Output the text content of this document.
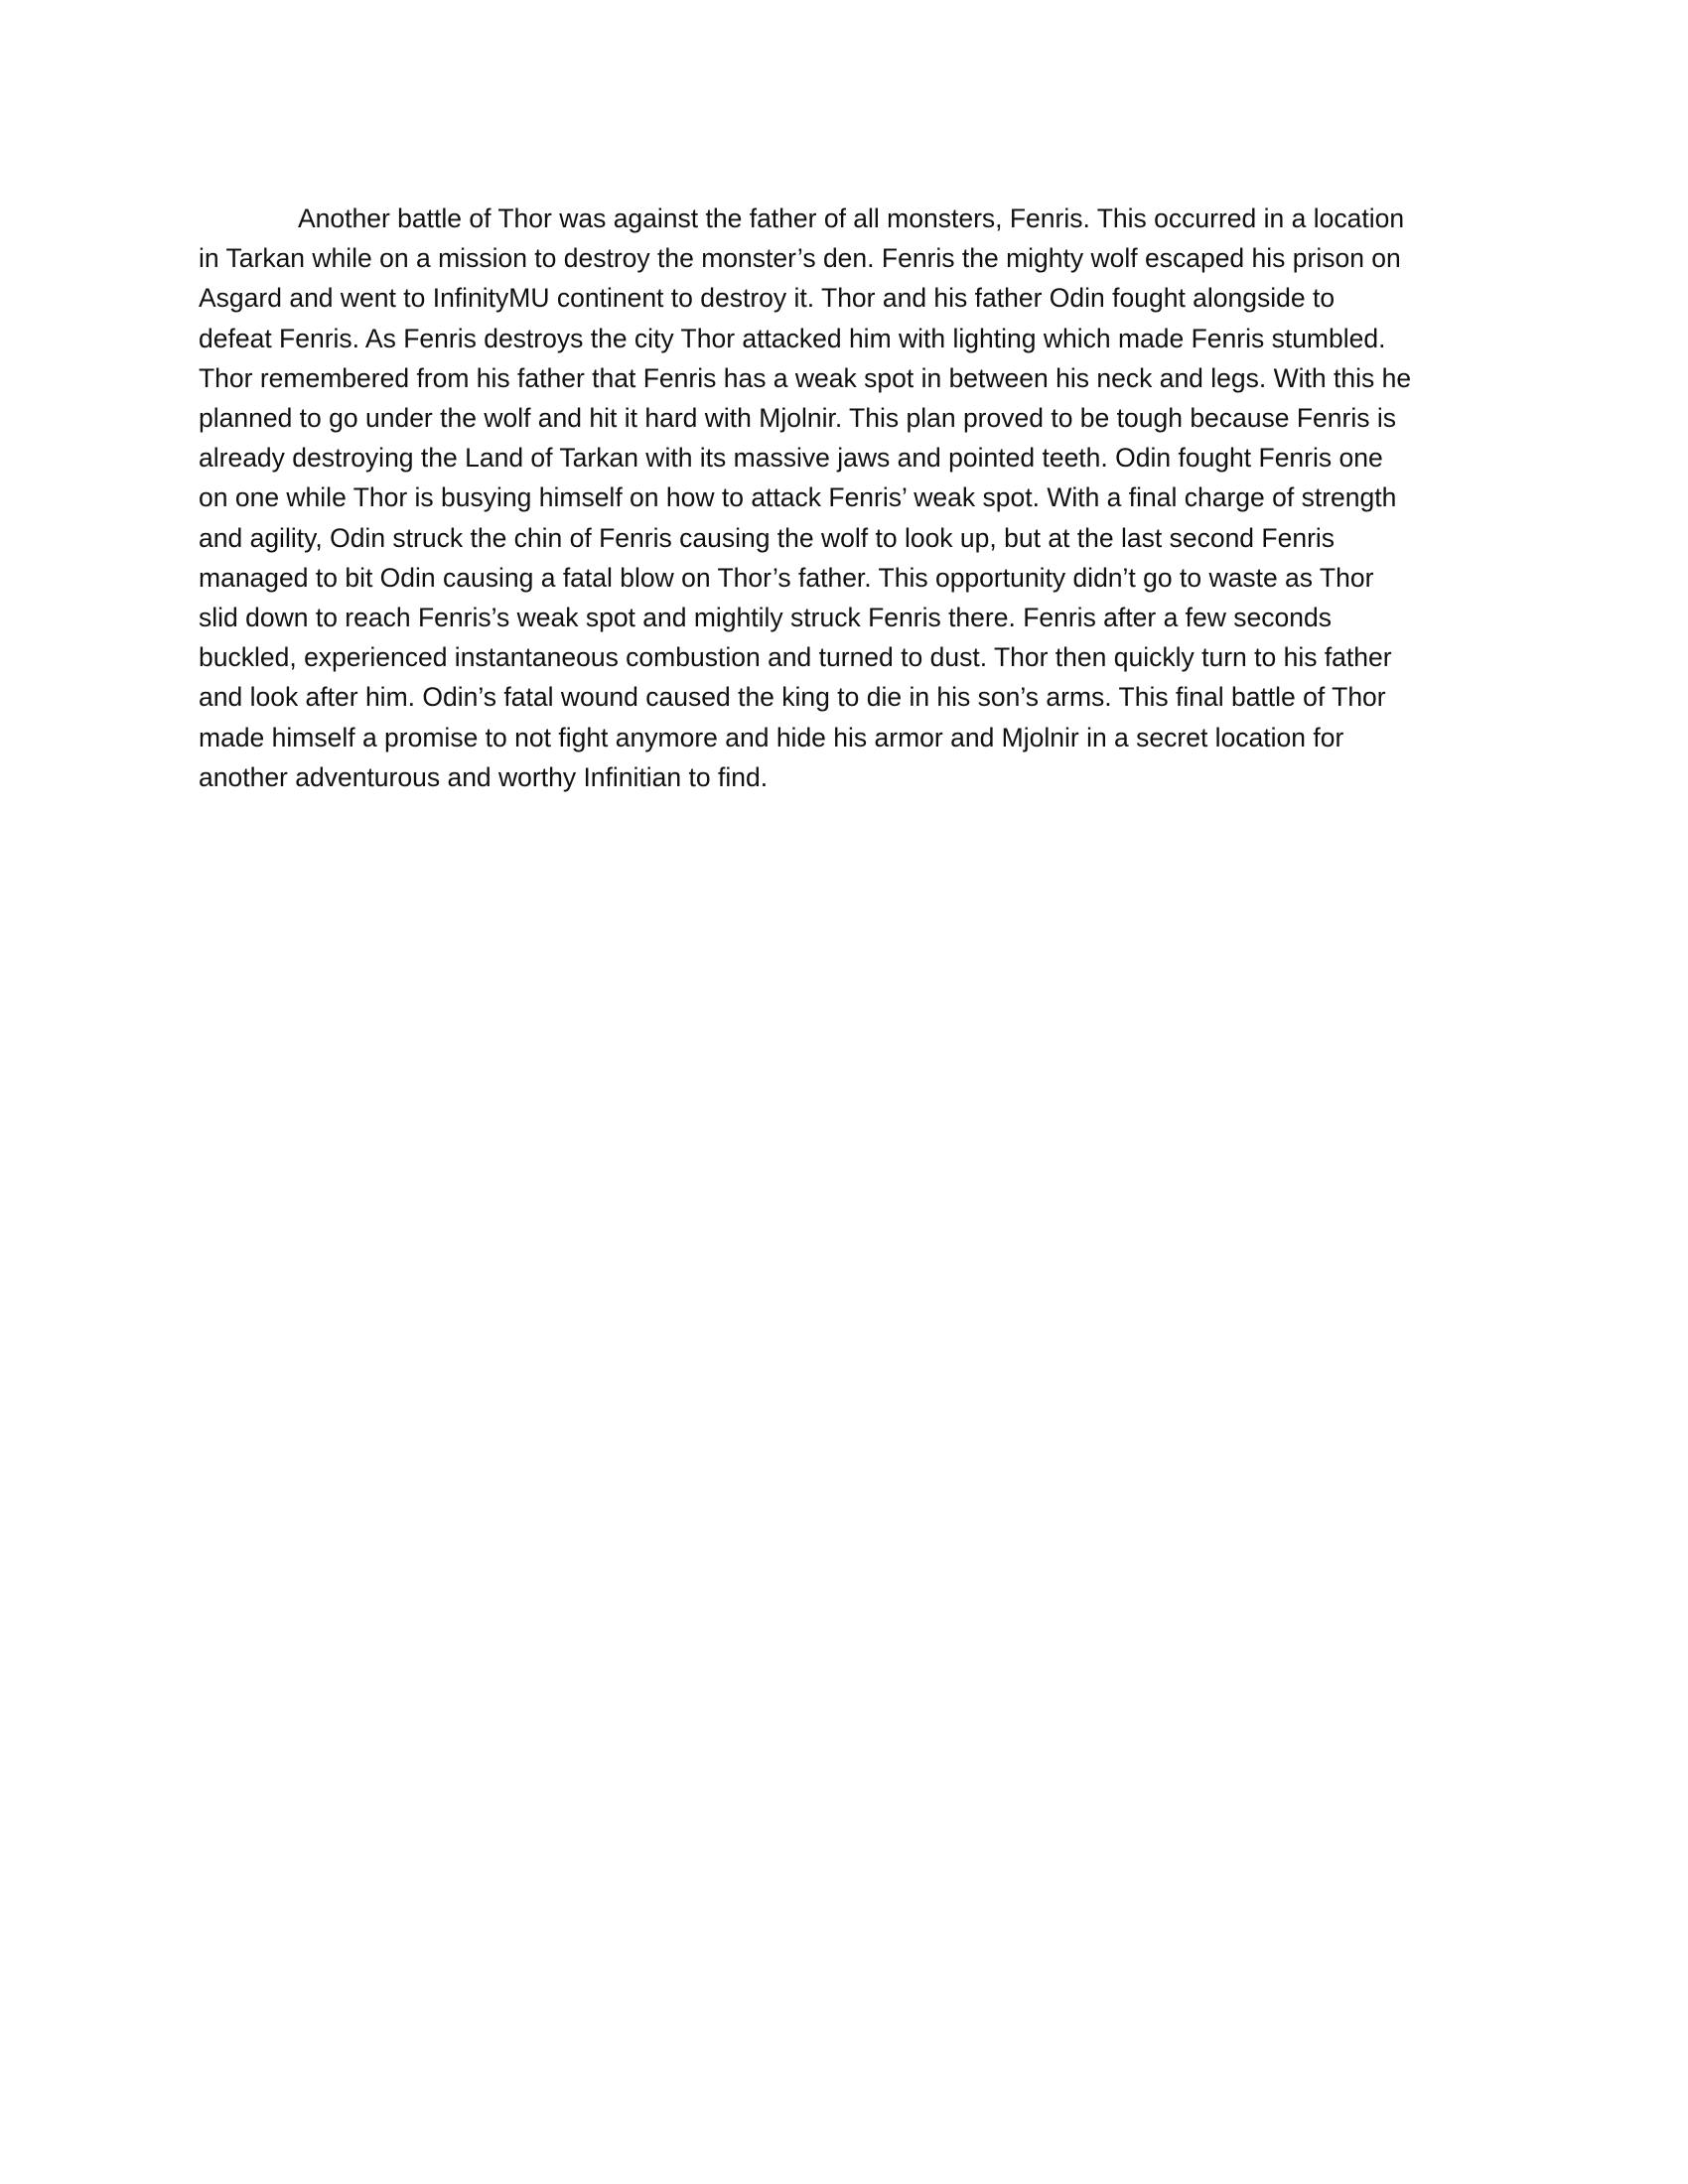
Another battle of Thor was against the father of all monsters, Fenris. This occurred in a location
in Tarkan while on a mission to destroy the monster’s den. Fenris the mighty wolf escaped his prison on
Asgard and went to InfinityMU continent to destroy it. Thor and his father Odin fought alongside to
defeat Fenris. As Fenris destroys the city Thor attacked him with lighting which made Fenris stumbled.
Thor remembered from his father that Fenris has a weak spot in between his neck and legs. With this he
planned to go under the wolf and hit it hard with Mjolnir. This plan proved to be tough because Fenris is
already destroying the Land of Tarkan with its massive jaws and pointed teeth. Odin fought Fenris one
on one while Thor is busying himself on how to attack Fenris’ weak spot. With a final charge of strength
and agility, Odin struck the chin of Fenris causing the wolf to look up, but at the last second Fenris
managed to bit Odin causing a fatal blow on Thor’s father. This opportunity didn’t go to waste as Thor
slid down to reach Fenris’s weak spot and mightily struck Fenris there. Fenris after a few seconds
buckled, experienced instantaneous combustion and turned to dust. Thor then quickly turn to his father
and look after him. Odin’s fatal wound caused the king to die in his son’s arms. This final battle of Thor
made himself a promise to not fight anymore and hide his armor and Mjolnir in a secret location for
another adventurous and worthy Infinitian to find.
